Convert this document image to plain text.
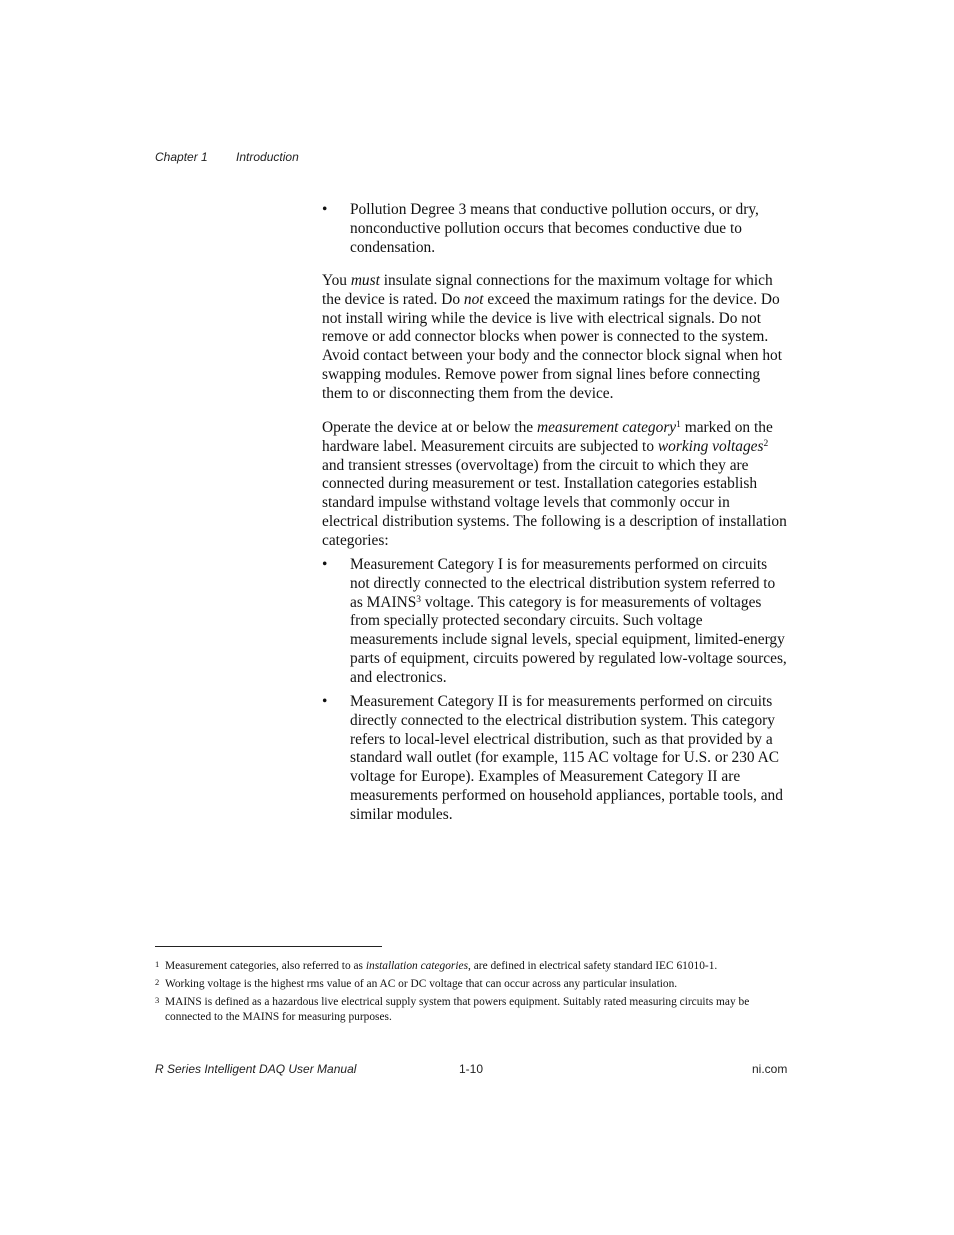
Chapter 1 Introduction
• Pollution Degree 3 means that conductive pollution occurs, or dry, nonconductive pollution occurs that becomes conductive due to condensation.

You must insulate signal connections for the maximum voltage for which the device is rated. Do not exceed the maximum ratings for the device. Do not install wiring while the device is live with electrical signals. Do not remove or add connector blocks when power is connected to the system. Avoid contact between your body and the connector block signal when hot swapping modules. Remove power from signal lines before connecting them to or disconnecting them from the device.

Operate the device at or below the measurement category$^1$ marked on the hardware label. Measurement circuits are subjected to working voltages$^2$ and transient stresses (overvoltage) from the circuit to which they are connected during measurement or test. Installation categories establish standard impulse withstand voltage levels that commonly occur in electrical distribution systems. The following is a description of installation categories:

• Measurement Category I is for measurements performed on circuits not directly connected to the electrical distribution system referred to as MAINS$^3$ voltage. This category is for measurements of voltages from specially protected secondary circuits. Such voltage measurements include signal levels, special equipment, limited-energy parts of equipment, circuits powered by regulated low-voltage sources, and electronics.

• Measurement Category II is for measurements performed on circuits directly connected to the electrical distribution system. This category refers to local-level electrical distribution, such as that provided by a standard wall outlet (for example, 115 AC voltage for U.S. or 230 AC voltage for Europe). Examples of Measurement Category II are measurements performed on household appliances, portable tools, and similar modules.

1 Measurement categories, also referred to as installation categories, are defined in electrical safety standard IEC 61010-1.

2 Working voltage is the highest rms value of an AC or DC voltage that can occur across any particular insulation.

3 MAINS is defined as a hazardous live electrical supply system that powers equipment. Suitably rated measuring circuits may be connected to the MAINS for measuring purposes.

R Series Intelligent DAQ User Manual	1-10	ni.com
